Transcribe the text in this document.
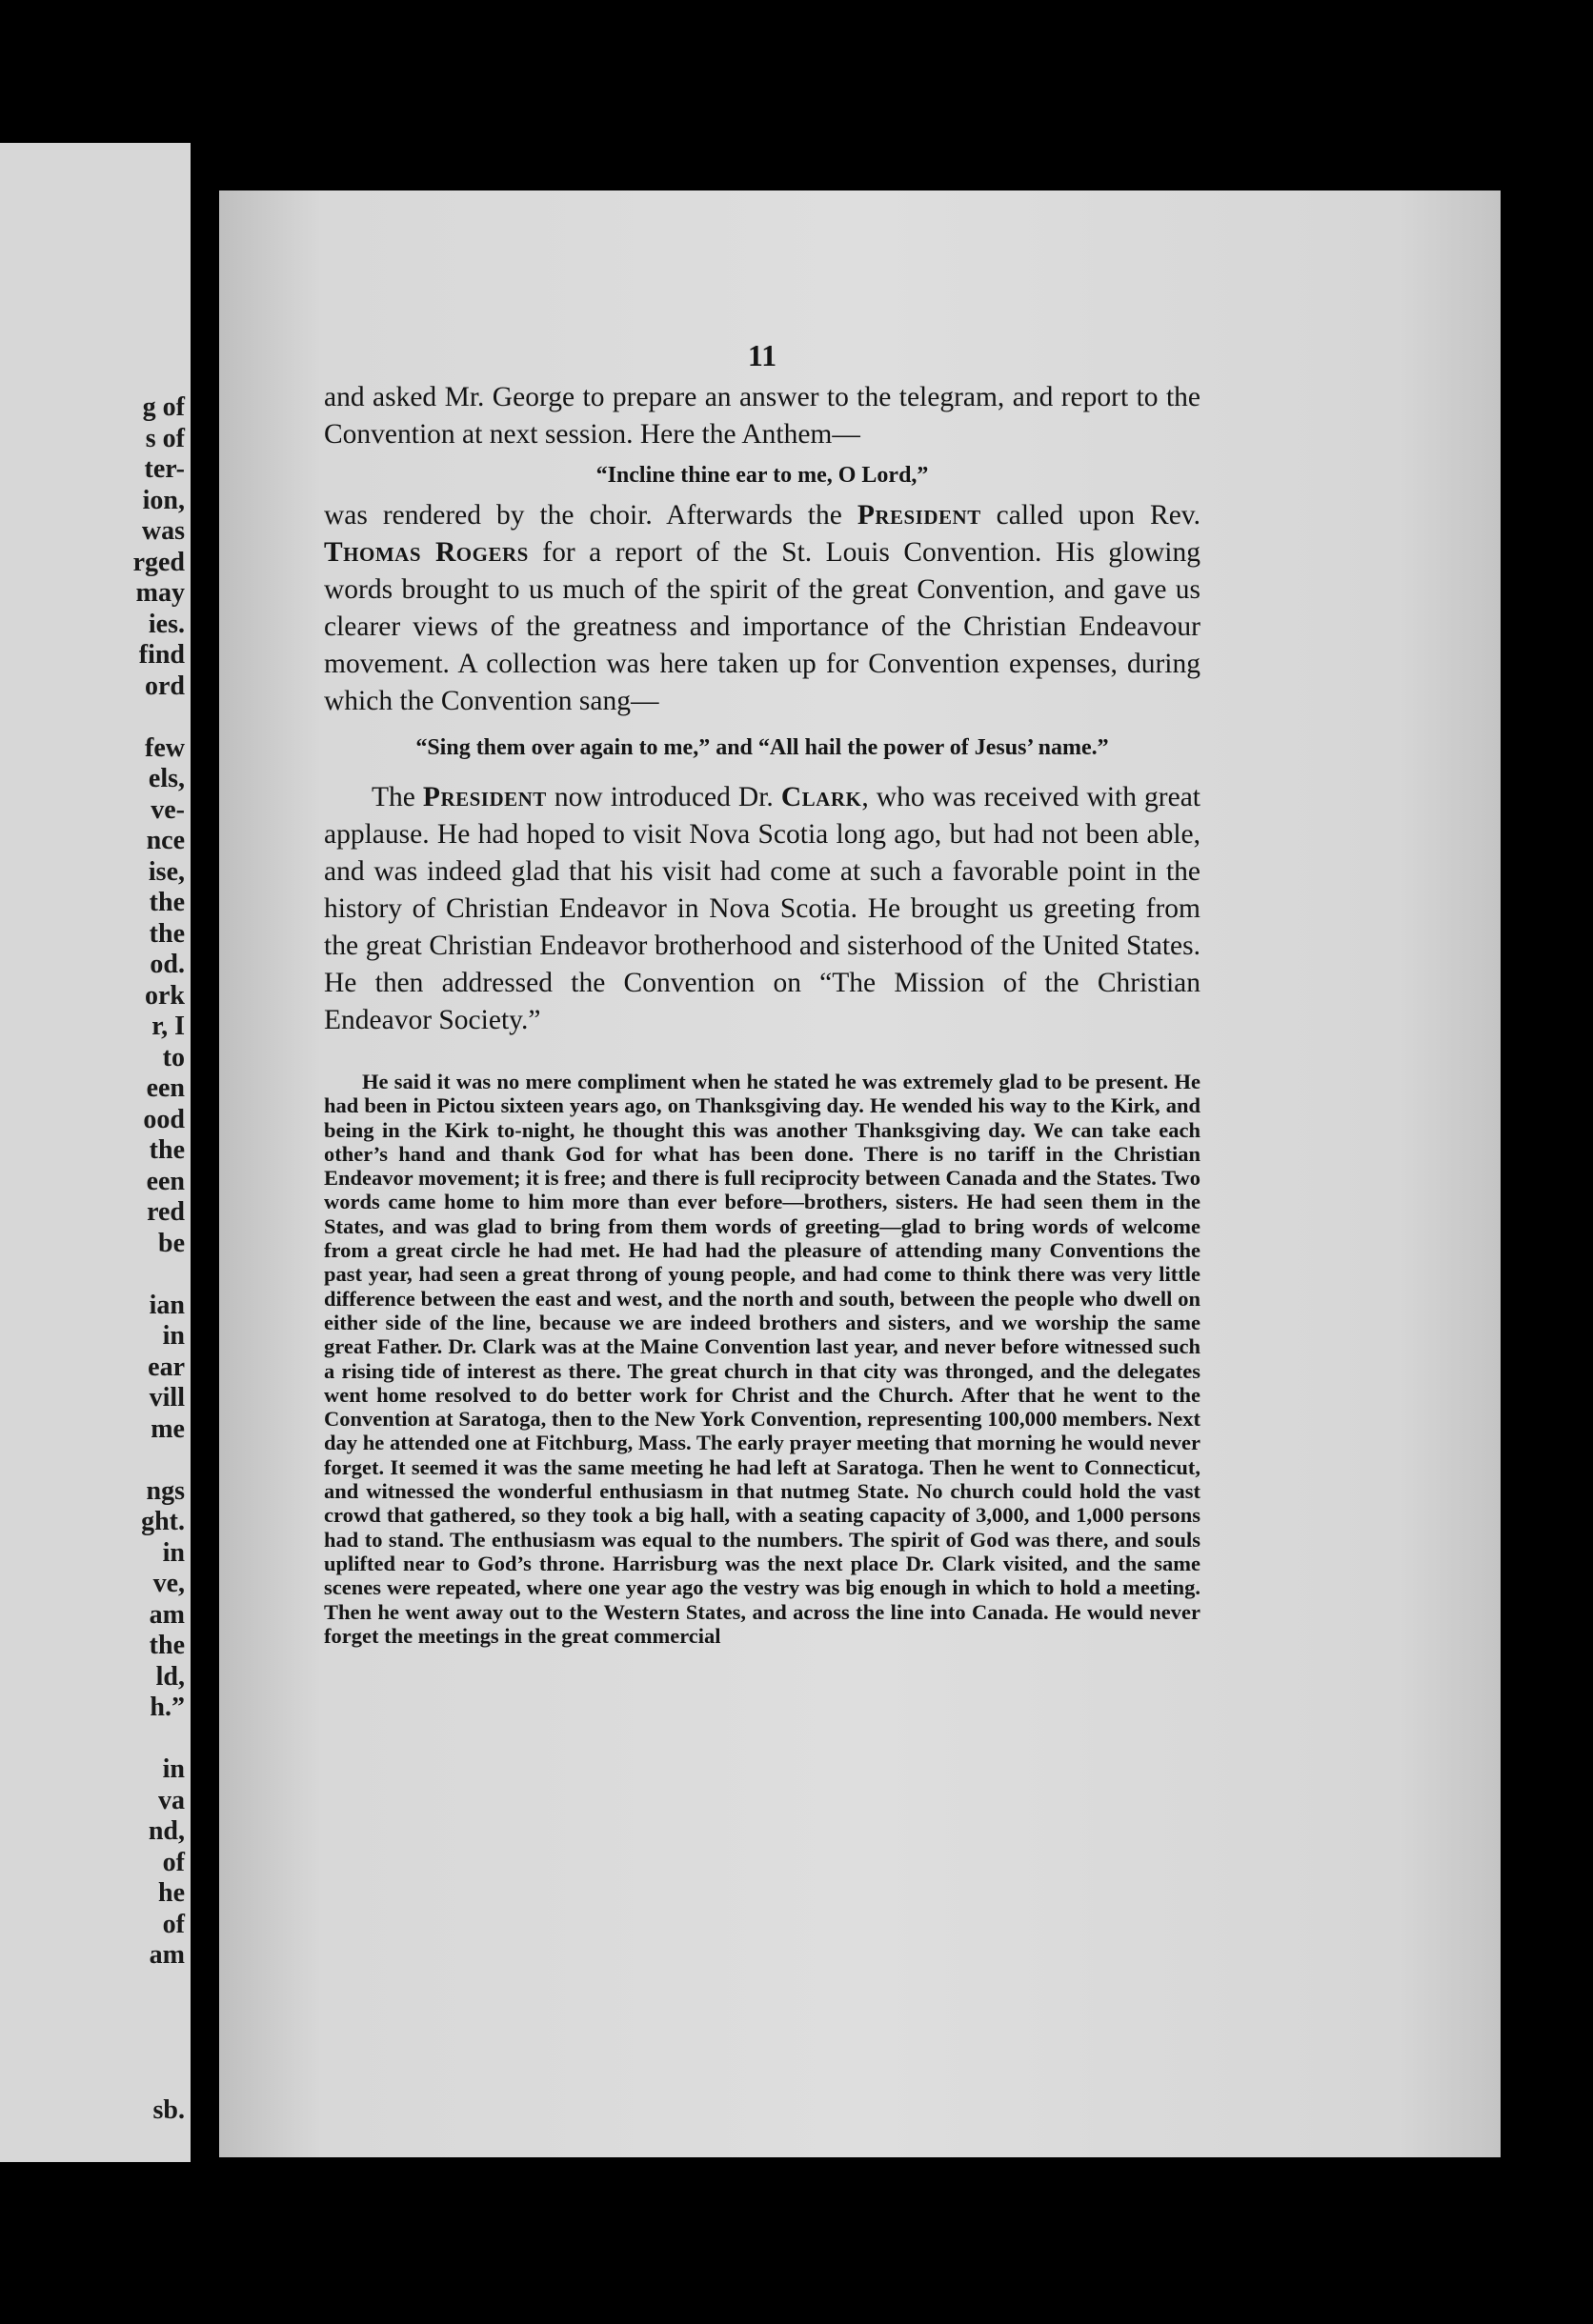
g of
s of
ter-
ion,
was
rged
may
ies.
find
ord

few
els,
ve-
nce
ise,
the
the
od.
ork
r, I
to
een
ood
the
een
red
be

ian
in
ear
vill
me

ngs
ght.
in
ve,
am
the
ld,
h.”

in
va
nd,
of
he
of
am

sb.
11

and asked Mr. George to prepare an answer to the telegram, and report to the Convention at next session. Here the Anthem—

“Incline thine ear to me, O Lord,”

was rendered by the choir. Afterwards the President called upon Rev. Thomas Rogers for a report of the St. Louis Convention. His glowing words brought to us much of the spirit of the great Convention, and gave us clearer views of the greatness and importance of the Christian Endeavour movement. A collection was here taken up for Convention expenses, during which the Convention sang—

“Sing them over again to me,” and “All hail the power of Jesus’ name.”

The President now introduced Dr. Clark, who was received with great applause. He had hoped to visit Nova Scotia long ago, but had not been able, and was indeed glad that his visit had come at such a favorable point in the history of Christian Endeavor in Nova Scotia. He brought us greeting from the great Christian Endeavor brotherhood and sisterhood of the United States. He then addressed the Convention on “The Mission of the Christian Endeavor Society.”

He said it was no mere compliment when he stated he was extremely glad to be present. He had been in Pictou sixteen years ago, on Thanksgiving day. He wended his way to the Kirk, and being in the Kirk to-night, he thought this was another Thanksgiving day. We can take each other’s hand and thank God for what has been done. There is no tariff in the Christian Endeavor movement; it is free; and there is full reciprocity between Canada and the States. Two words came home to him more than ever before—brothers, sisters. He had seen them in the States, and was glad to bring from them words of greeting—glad to bring words of welcome from a great circle he had met. He had had the pleasure of attending many Conventions the past year, had seen a great throng of young people, and had come to think there was very little difference between the east and west, and the north and south, between the people who dwell on either side of the line, because we are indeed brothers and sisters, and we worship the same great Father. Dr. Clark was at the Maine Convention last year, and never before witnessed such a rising tide of interest as there. The great church in that city was thronged, and the delegates went home resolved to do better work for Christ and the Church. After that he went to the Convention at Saratoga, then to the New York Convention, representing 100,000 members. Next day he attended one at Fitchburg, Mass. The early prayer meeting that morning he would never forget. It seemed it was the same meeting he had left at Saratoga. Then he went to Connecticut, and witnessed the wonderful enthusiasm in that nutmeg State. No church could hold the vast crowd that gathered, so they took a big hall, with a seating capacity of 3,000, and 1,000 persons had to stand. The enthusiasm was equal to the numbers. The spirit of God was there, and souls uplifted near to God’s throne. Harrisburg was the next place Dr. Clark visited, and the same scenes were repeated, where one year ago the vestry was big enough in which to hold a meeting. Then he went away out to the Western States, and across the line into Canada. He would never forget the meetings in the great commercial
